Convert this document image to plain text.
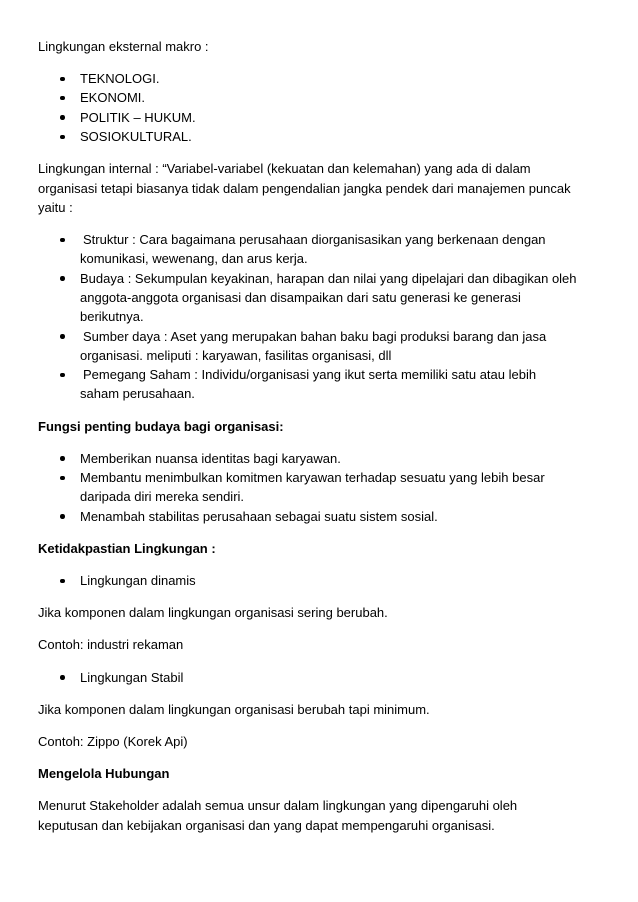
Lingkungan eksternal makro :

TEKNOLOGI.
EKONOMI.
POLITIK – HUKUM.
SOSIOKULTURAL.

Lingkungan internal : “Variabel-variabel (kekuatan dan kelemahan) yang ada di dalam
organisasi tetapi biasanya tidak dalam pengendalian jangka pendek dari manajemen puncak
yaitu :

Struktur : Cara bagaimana perusahaan diorganisasikan yang berkenaan dengan
komunikasi, wewenang, dan arus kerja.
Budaya : Sekumpulan keyakinan, harapan dan nilai yang dipelajari dan dibagikan oleh
anggota-anggota organisasi dan disampaikan dari satu generasi ke generasi
berikutnya.
Sumber daya : Aset yang merupakan bahan baku bagi produksi barang dan jasa
organisasi. meliputi : karyawan, fasilitas organisasi, dll
Pemegang Saham : Individu/organisasi yang ikut serta memiliki satu atau lebih
saham perusahaan.

Fungsi penting budaya bagi organisasi:

Memberikan nuansa identitas bagi karyawan.
Membantu menimbulkan komitmen karyawan terhadap sesuatu yang lebih besar
daripada diri mereka sendiri.
Menambah stabilitas perusahaan sebagai suatu sistem sosial.

Ketidakpastian Lingkungan :

Lingkungan dinamis

Jika komponen dalam lingkungan organisasi sering berubah.

Contoh: industri rekaman

Lingkungan Stabil

Jika komponen dalam lingkungan organisasi berubah tapi minimum.

Contoh: Zippo (Korek Api)

Mengelola Hubungan

Menurut Stakeholder adalah semua unsur dalam lingkungan yang dipengaruhi oleh
keputusan dan kebijakan organisasi dan yang dapat mempengaruhi organisasi.
